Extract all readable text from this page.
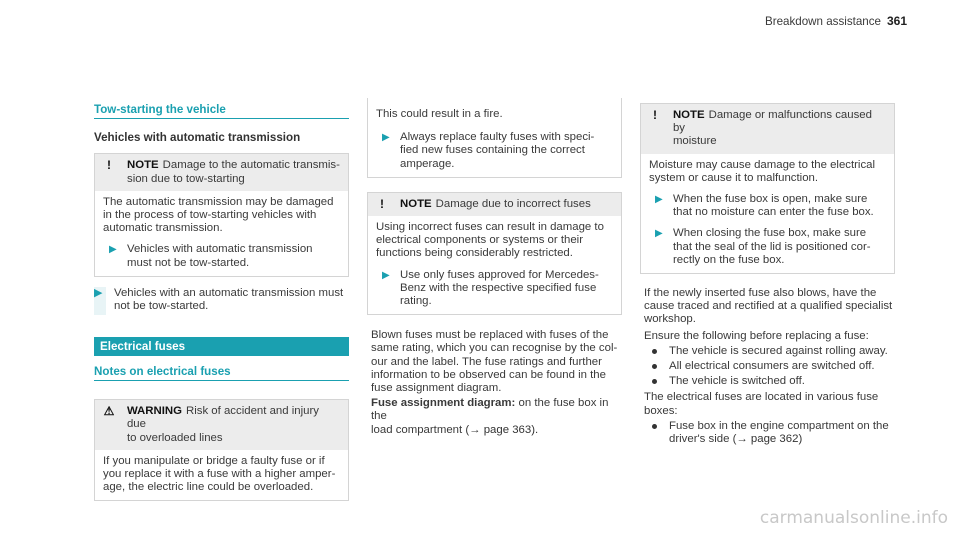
Breakdown assistance 361
Tow-starting the vehicle
Vehicles with automatic transmission
!	NOTE Damage to the automatic transmis-

sion due to tow-starting

The automatic transmission may be damaged

in the process of tow-starting vehicles with

automatic transmission.

▶ Vehicles with automatic transmission

must not be tow-started.

▶ Vehicles with an automatic transmission must

not be tow-started.

Electrical fuses
Notes on electrical fuses
⚠ WARNING Risk of accident and injury due

to overloaded lines

If you manipulate or bridge a faulty fuse or if

you replace it with a fuse with a higher amper-

age, the electric line could be overloaded.

This could result in a fire.

▶ Always replace faulty fuses with speci-

fied new fuses containing the correct

amperage.

!	NOTE Damage due to incorrect fuses

Using incorrect fuses can result in damage to

electrical components or systems or their

functions being considerably restricted.

▶ Use only fuses approved for Mercedes-

Benz with the respective specified fuse

rating.

Blown fuses must be replaced with fuses of the

same rating, which you can recognise by the col-

our and the label. The fuse ratings and further

information to be observed can be found in the

fuse assignment diagram.

Fuse assignment diagram: on the fuse box in the

load compartment (→ page 363).

!	NOTE Damage or malfunctions caused by

moisture

Moisture may cause damage to the electrical

system or cause it to malfunction.

▶ When the fuse box is open, make sure

that no moisture can enter the fuse box.

▶ When closing the fuse box, make sure

that the seal of the lid is positioned cor-

rectly on the fuse box.

If the newly inserted fuse also blows, have the

cause traced and rectified at a qualified specialist

workshop.

Ensure the following before replacing a fuse:

The vehicle is secured against rolling away.
All electrical consumers are switched off.
The vehicle is switched off.

The electrical fuses are located in various fuse

boxes:

Fuse box in the engine compartment on the

driver's side (→ page 362)

carmanualsonline.info
